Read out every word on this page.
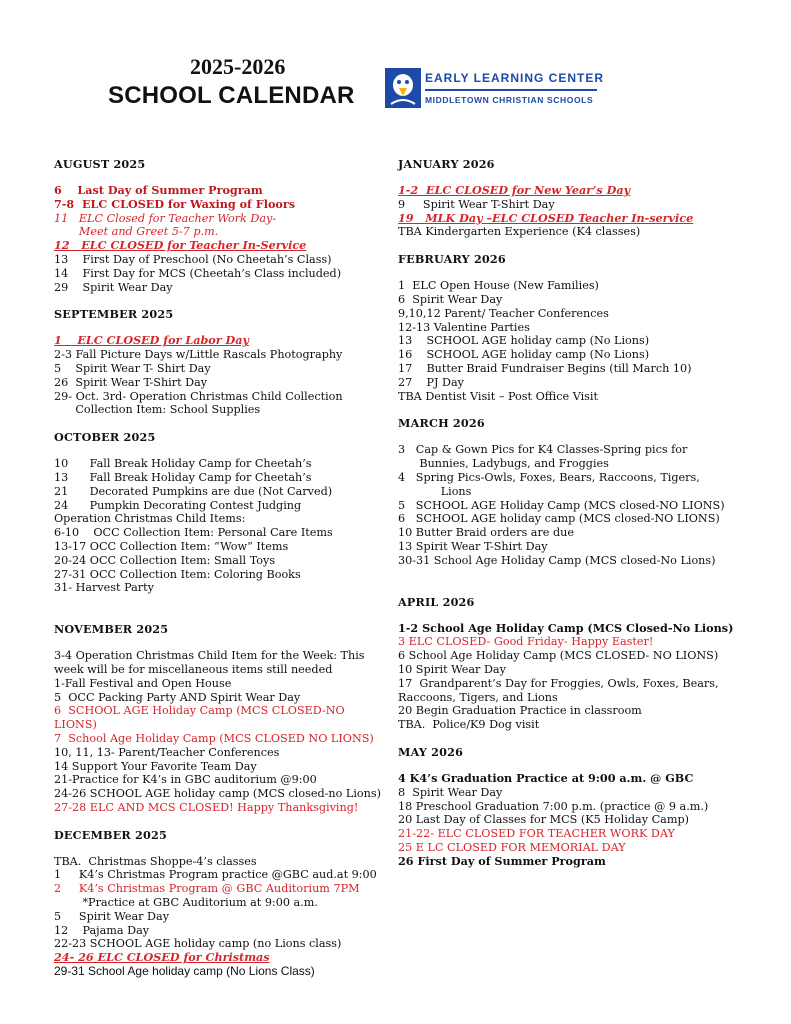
2025-2026
SCHOOL CALENDAR
EARLY LEARNING CENTER
MIDDLETOWN CHRISTIAN SCHOOLS
AUGUST 2025
6    Last Day of Summer Program
7-8  ELC CLOSED for Waxing of Floors
11   ELC Closed for Teacher Work Day-
Meet and Greet 5-7 p.m.
12   ELC CLOSED for Teacher In-Service
13    First Day of Preschool (No Cheetah’s Class)
14    First Day for MCS (Cheetah’s Class included)
29    Spirit Wear Day
SEPTEMBER 2025
1    ELC CLOSED for Labor Day
2-3 Fall Picture Days w/Little Rascals Photography
5    Spirit Wear T- Shirt Day
26  Spirit Wear T-Shirt Day
29- Oct. 3rd- Operation Christmas Child Collection
Collection Item: School Supplies
OCTOBER 2025
10      Fall Break Holiday Camp for Cheetah’s
13      Fall Break Holiday Camp for Cheetah’s
21      Decorated Pumpkins are due (Not Carved)
24      Pumpkin Decorating Contest Judging
Operation Christmas Child Items:
6-10    OCC Collection Item: Personal Care Items
13-17 OCC Collection Item: “Wow” Items
20-24 OCC Collection Item: Small Toys
27-31 OCC Collection Item: Coloring Books
31- Harvest Party
NOVEMBER 2025
3-4 Operation Christmas Child Item for the Week: This
week will be for miscellaneous items still needed
1-Fall Festival and Open House
5  OCC Packing Party AND Spirit Wear Day
6  SCHOOL AGE Holiday Camp (MCS CLOSED-NO LIONS)
7  School Age Holiday Camp (MCS CLOSED NO LIONS)
10, 11, 13- Parent/Teacher Conferences
14 Support Your Favorite Team Day
21-Practice for K4’s in GBC auditorium @9:00
24-26 SCHOOL AGE holiday camp (MCS closed-no Lions)
27-28 ELC AND MCS CLOSED! Happy Thanksgiving!
DECEMBER 2025
TBA.  Christmas Shoppe-4’s classes
1     K4’s Christmas Program practice @GBC aud.at 9:00
2     K4’s Christmas Program @ GBC Auditorium 7PM
*Practice at GBC Auditorium at 9:00 a.m.
5     Spirit Wear Day
12    Pajama Day
22-23 SCHOOL AGE holiday camp (no Lions class)
24- 26 ELC CLOSED for Christmas
29-31 School Age holiday camp (No Lions Class)
JANUARY 2026
1-2  ELC CLOSED for New Year’s Day
9     Spirit Wear T-Shirt Day
19   MLK Day –ELC CLOSED Teacher In-service
TBA Kindergarten Experience (K4 classes)
FEBRUARY 2026
1  ELC Open House (New Families)
6  Spirit Wear Day
9,10,12 Parent/ Teacher Conferences
12-13 Valentine Parties
13    SCHOOL AGE holiday camp (No Lions)
16    SCHOOL AGE holiday camp (No Lions)
17    Butter Braid Fundraiser Begins (till March 10)
27    PJ Day
TBA Dentist Visit – Post Office Visit
MARCH 2026
3   Cap & Gown Pics for K4 Classes-Spring pics for
Bunnies, Ladybugs, and Froggies
4   Spring Pics-Owls, Foxes, Bears, Raccoons, Tigers,
Lions
5   SCHOOL AGE Holiday Camp (MCS closed-NO LIONS)
6   SCHOOL AGE holiday camp (MCS closed-NO LIONS)
10 Butter Braid orders are due
13 Spirit Wear T-Shirt Day
30-31 School Age Holiday Camp (MCS closed-No Lions)
APRIL 2026
1-2 School Age Holiday Camp (MCS Closed-No Lions)
3 ELC CLOSED- Good Friday- Happy Easter!
6 School Age Holiday Camp (MCS CLOSED- NO LIONS)
10 Spirit Wear Day
17  Grandparent’s Day for Froggies, Owls, Foxes, Bears,
Raccoons, Tigers, and Lions
20 Begin Graduation Practice in classroom
TBA.  Police/K9 Dog visit
MAY 2026
4 K4’s Graduation Practice at 9:00 a.m. @ GBC
8  Spirit Wear Day
18 Preschool Graduation 7:00 p.m. (practice @ 9 a.m.)
20 Last Day of Classes for MCS (K5 Holiday Camp)
21-22- ELC CLOSED FOR TEACHER WORK DAY
25 E LC CLOSED FOR MEMORIAL DAY
26 First Day of Summer Program
